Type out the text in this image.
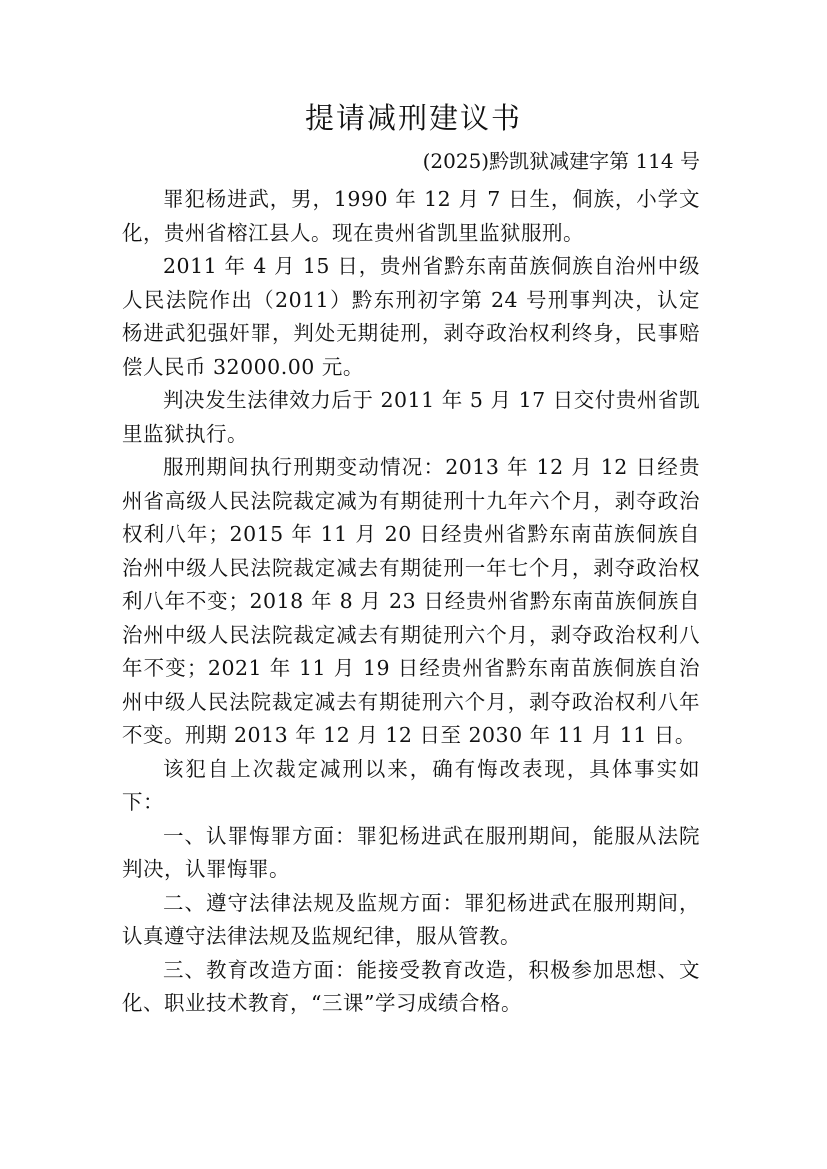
提请减刑建议书

(2025)黔凯狱减建字第 114 号

罪犯杨进武，男，1990 年 12 月 7 日生，侗族，小学文化，贵州省榕江县人。现在贵州省凯里监狱服刑。

2011 年 4 月 15 日，贵州省黔东南苗族侗族自治州中级人民法院作出（2011）黔东刑初字第 24 号刑事判决，认定杨进武犯强奸罪，判处无期徒刑，剥夺政治权利终身，民事赔偿人民币 32000.00 元。

判决发生法律效力后于 2011 年 5 月 17 日交付贵州省凯里监狱执行。

服刑期间执行刑期变动情况：2013 年 12 月 12 日经贵州省高级人民法院裁定减为有期徒刑十九年六个月，剥夺政治权利八年；2015 年 11 月 20 日经贵州省黔东南苗族侗族自治州中级人民法院裁定减去有期徒刑一年七个月，剥夺政治权利八年不变；2018 年 8 月 23 日经贵州省黔东南苗族侗族自治州中级人民法院裁定减去有期徒刑六个月，剥夺政治权利八年不变；2021 年 11 月 19 日经贵州省黔东南苗族侗族自治州中级人民法院裁定减去有期徒刑六个月，剥夺政治权利八年不变。刑期 2013 年 12 月 12 日至 2030 年 11 月 11 日。

该犯自上次裁定减刑以来，确有悔改表现，具体事实如下：

一、认罪悔罪方面：罪犯杨进武在服刑期间，能服从法院判决，认罪悔罪。

二、遵守法律法规及监规方面：罪犯杨进武在服刑期间，认真遵守法律法规及监规纪律，服从管教。

三、教育改造方面：能接受教育改造，积极参加思想、文化、职业技术教育，“三课”学习成绩合格。
